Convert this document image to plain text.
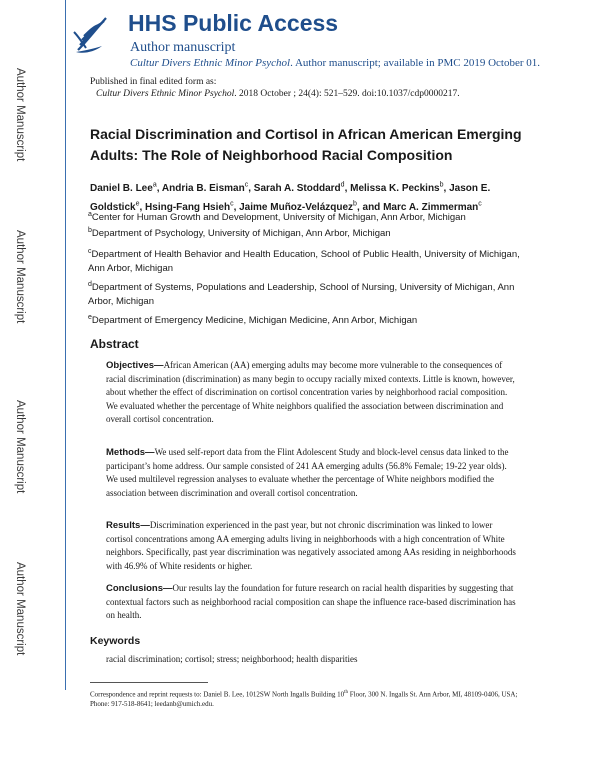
Author Manuscript
Author Manuscript
Author Manuscript
Author Manuscript
HHS Public Access
Author manuscript
Cultur Divers Ethnic Minor Psychol. Author manuscript; available in PMC 2019 October 01.
Published in final edited form as:
Cultur Divers Ethnic Minor Psychol. 2018 October ; 24(4): 521–529. doi:10.1037/cdp0000217.
Racial Discrimination and Cortisol in African American Emerging Adults: The Role of Neighborhood Racial Composition
Daniel B. Lee$^a$, Andria B. Eisman$^c$, Sarah A. Stoddard$^d$, Melissa K. Peckins$^b$, Jason E. Goldstick$^e$, Hsing-Fang Hsieh$^c$, Jaime Muñoz-Velázquez$^b$, and Marc A. Zimmerman$^c$
$^a$Center for Human Growth and Development, University of Michigan, Ann Arbor, Michigan
$^b$Department of Psychology, University of Michigan, Ann Arbor, Michigan
$^c$Department of Health Behavior and Health Education, School of Public Health, University of Michigan, Ann Arbor, Michigan
$^d$Department of Systems, Populations and Leadership, School of Nursing, University of Michigan, Ann Arbor, Michigan
$^e$Department of Emergency Medicine, Michigan Medicine, Ann Arbor, Michigan
Abstract
Objectives—African American (AA) emerging adults may become more vulnerable to the consequences of racial discrimination (discrimination) as many begin to occupy racially mixed contexts. Little is known, however, about whether the effect of discrimination on cortisol concentration varies by neighborhood racial composition. We evaluated whether the percentage of White neighbors qualified the association between discrimination and overall cortisol concentration.
Methods—We used self-report data from the Flint Adolescent Study and block-level census data linked to the participant’s home address. Our sample consisted of 241 AA emerging adults (56.8% Female; 19-22 year olds). We used multilevel regression analyses to evaluate whether the percentage of White neighbors modified the association between discrimination and overall cortisol concentration.
Results—Discrimination experienced in the past year, but not chronic discrimination was linked to lower cortisol concentrations among AA emerging adults living in neighborhoods with a high concentration of White neighbors. Specifically, past year discrimination was negatively associated among AAs residing in neighborhoods with 46.9% of White residents or higher.
Conclusions—Our results lay the foundation for future research on racial health disparities by suggesting that contextual factors such as neighborhood racial composition can shape the influence race-based discrimination has on health.
Keywords
racial discrimination; cortisol; stress; neighborhood; health disparities
Correspondence and reprint requests to: Daniel B. Lee, 1012SW North Ingalls Building 10th Floor, 300 N. Ingalls St. Ann Arbor, MI, 48109-0406, USA; Phone: 917-518-8641; leedanb@umich.edu.
